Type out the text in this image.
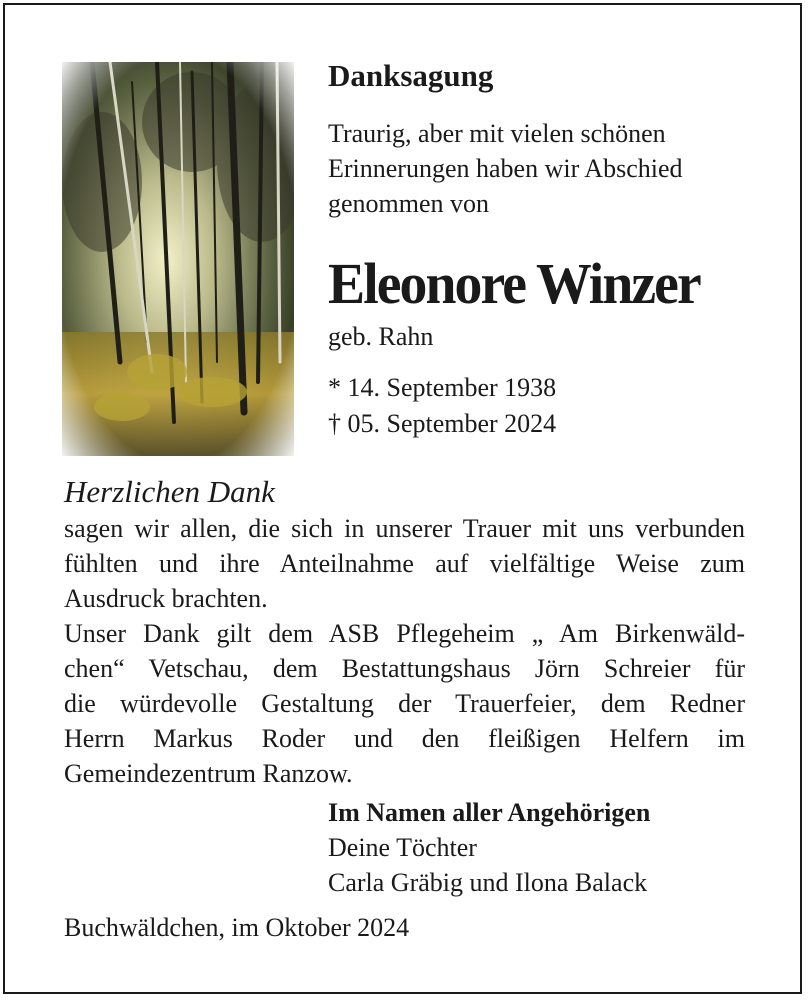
Danksagung
Traurig, aber mit vielen schönen
Erinnerungen haben wir Abschied
genommen von
Eleonore Winzer
geb. Rahn
* 14. September 1938
† 05. September 2024
Herzlichen Dank
sagen wir allen, die sich in unserer Trauer mit uns verbunden
fühlten und ihre Anteilnahme auf vielfältige Weise zum
Ausdruck brachten.
Unser Dank gilt dem ASB Pflegeheim „ Am Birkenwäld-
chen“ Vetschau, dem Bestattungshaus Jörn Schreier für
die würdevolle Gestaltung der Trauerfeier, dem Redner
Herrn Markus Roder und den fleißigen Helfern im
Gemeindezentrum Ranzow.
Im Namen aller Angehörigen
Deine Töchter
Carla Gräbig und Ilona Balack
Buchwäldchen, im Oktober 2024
